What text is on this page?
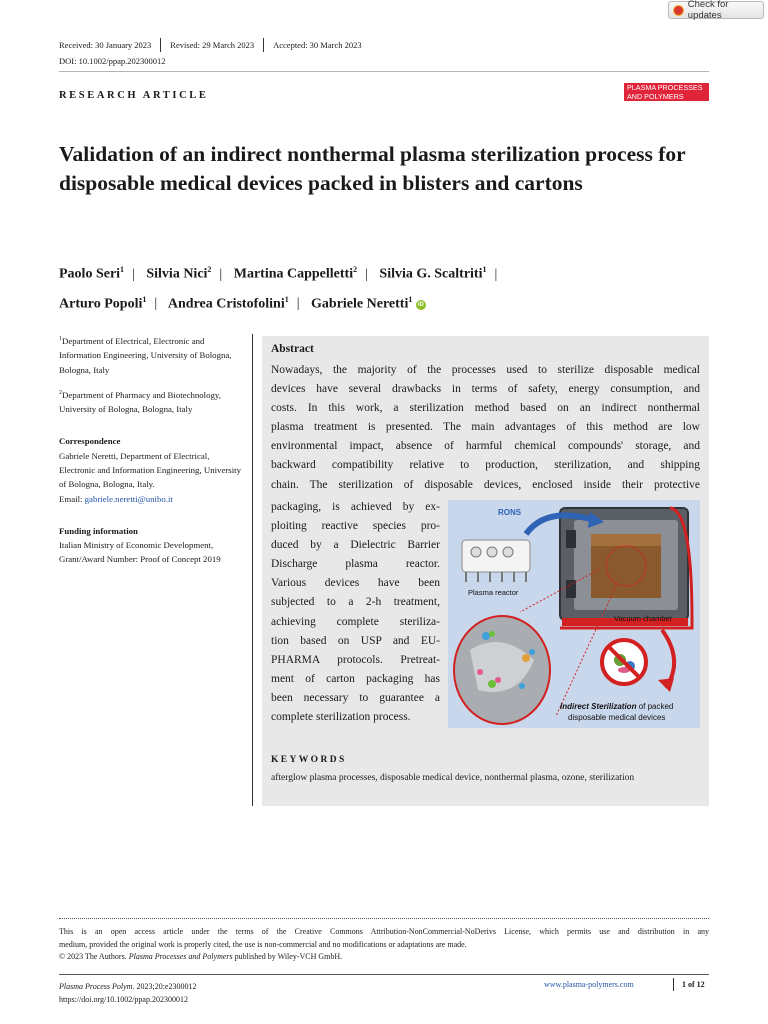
Check for updates
Received: 30 January 2023	Revised: 29 March 2023	Accepted: 30 March 2023
DOI: 10.1002/ppap.202300012
RESEARCH ARTICLE
PLASMA PROCESSES
AND POLYMERS
Validation of an indirect nonthermal plasma sterilization process for disposable medical devices packed in blisters and cartons
Paolo Seri$^1$ | Silvia Nici$^2$ | Martina Cappelletti$^2$ | Silvia G. Scaltriti$^1$ |
Arturo Popoli$^1$ | Andrea Cristofolini$^1$ | Gabriele Neretti$^1$ iD

$^1$Department of Electrical, Electronic and Information Engineering, University of Bologna, Bologna, Italy

$^2$Department of Pharmacy and Biotechnology, University of Bologna, Bologna, Italy

Correspondence
Gabriele Neretti, Department of Electrical, Electronic and Information Engineering, University of Bologna, Bologna, Italy.
Email: gabriele.neretti@unibo.it

Funding information
Italian Ministry of Economic Development, Grant/Award Number: Proof of Concept 2019

Abstract
Nowadays, the majority of the processes used to sterilize disposable medical
devices have several drawbacks in terms of safety, energy consumption, and
costs. In this work, a sterilization method based on an indirect nonthermal
plasma treatment is presented. The main advantages of this method are low
environmental impact, absence of harmful chemical compounds' storage, and
backward compatibility relative to production, sterilization, and shipping
chain. The sterilization of disposable devices, enclosed inside their protective
packaging, is achieved by ex-
ploiting reactive species pro-
duced by a Dielectric Barrier
Discharge plasma reactor.
Various devices have been
subjected to a 2-h treatment,
achieving complete steriliza-
tion based on USP and EU-
PHARMA protocols. Pretreat-
ment of carton packaging has
been necessary to guarantee a
complete sterilization process.
Vacuum chamber
RONS
Plasma reactor
Indirect Sterilization of packed
disposable medical devices
KEYWORDS
afterglow plasma processes, disposable medical device, nonthermal plasma, ozone, sterilization
This is an open access article under the terms of the Creative Commons Attribution-NonCommercial-NoDerivs License, which permits use and distribution in any
medium, provided the original work is properly cited, the use is non-commercial and no modifications or adaptations are made.
© 2023 The Authors. Plasma Processes and Polymers published by Wiley-VCH GmbH.
Plasma Process Polym. 2023;20:e2300012
https://doi.org/10.1002/ppap.202300012
www.plasma-polymers.com	1 of 12
